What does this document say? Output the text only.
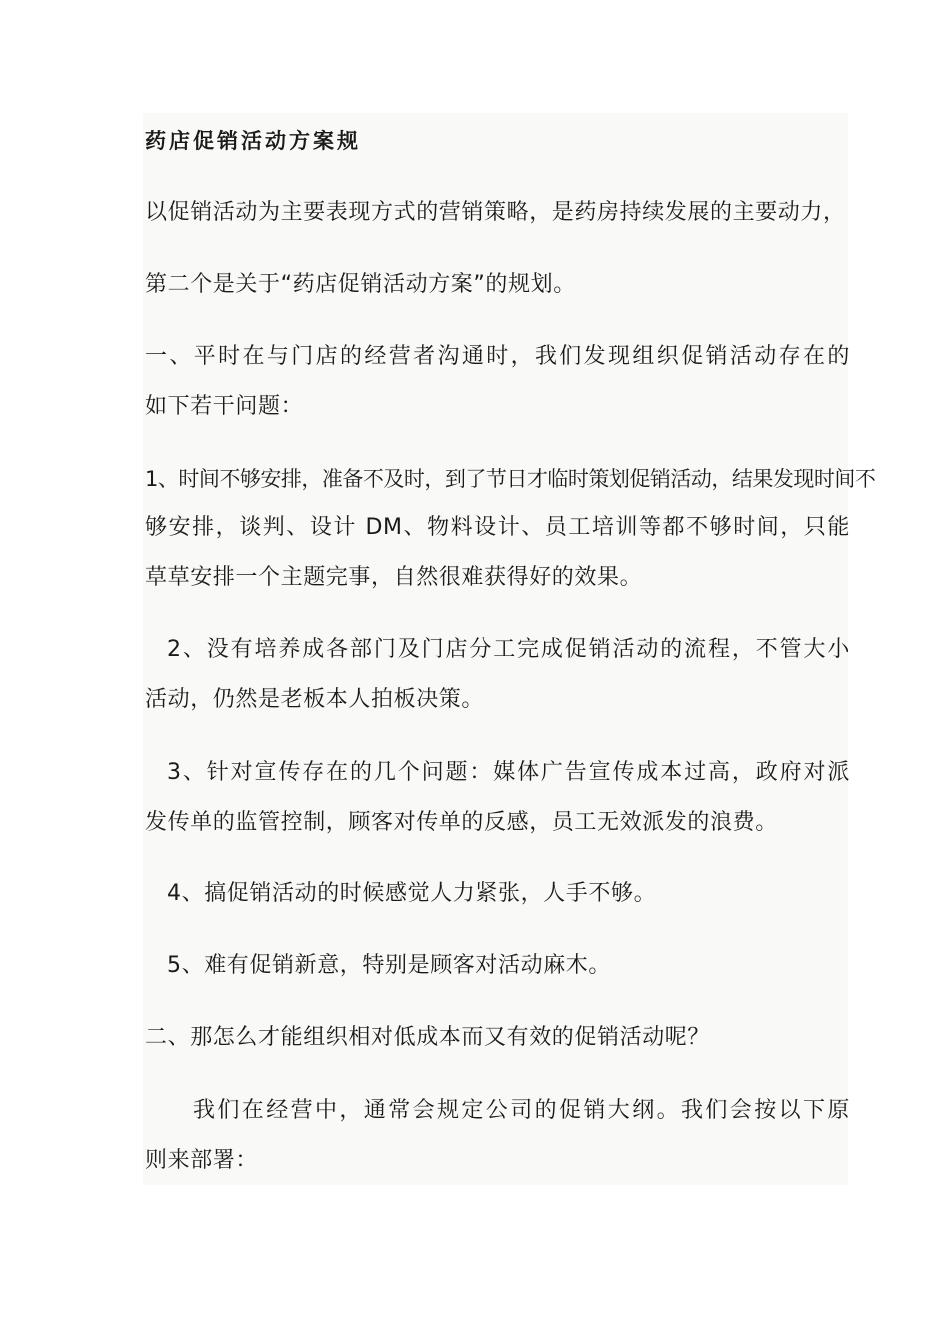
药店促销活动方案规
以促销活动为主要表现方式的营销策略，是药房持续发展的主要动力，
第二个是关于“药店促销活动方案”的规划。
一、平时在与门店的经营者沟通时，我们发现组织促销活动存在的
如下若干问题：
1、时间不够安排，准备不及时，到了节日才临时策划促销活动，结果发现时间不
够安排，谈判、设计 DM、物料设计、员工培训等都不够时间，只能
草草安排一个主题完事，自然很难获得好的效果。
2、没有培养成各部门及门店分工完成促销活动的流程，不管大小
活动，仍然是老板本人拍板决策。
3、针对宣传存在的几个问题：媒体广告宣传成本过高，政府对派
发传单的监管控制，顾客对传单的反感，员工无效派发的浪费。
4、搞促销活动的时候感觉人力紧张，人手不够。
5、难有促销新意，特别是顾客对活动麻木。
二、那怎么才能组织相对低成本而又有效的促销活动呢？
我们在经营中，通常会规定公司的促销大纲。我们会按以下原
则来部署：
